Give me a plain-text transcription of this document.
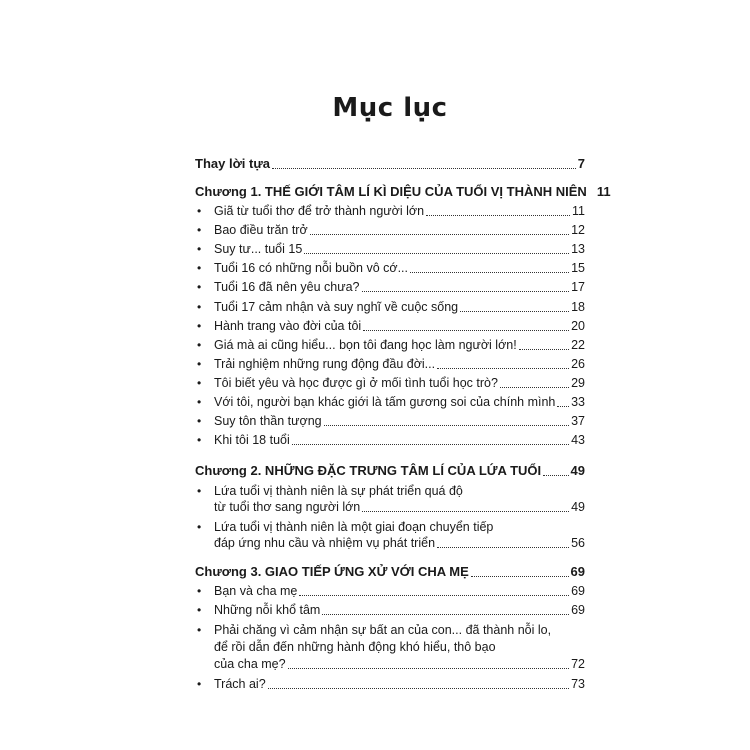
Mục lục
Thay lời tựa	7
Chương 1. THẾ GIỚI TÂM LÍ KÌ DIỆU CỦA TUỔI VỊ THÀNH NIÊN 11
• Giã từ tuổi thơ để trở thành người lớn	11
• Bao điều trăn trở	12
• Suy tư... tuổi 15	13
• Tuổi 16 có những nỗi buồn vô cớ...	15
• Tuổi 16 đã nên yêu chưa?	17
• Tuổi 17 cảm nhận và suy nghĩ về cuộc sống	18
• Hành trang vào đời của tôi	20
• Giá mà ai cũng hiểu... bọn tôi đang học làm người lớn!	22
• Trải nghiệm những rung động đầu đời...	26
• Tôi biết yêu và học được gì ở mối tình tuổi học trò?	29
• Với tôi, người bạn khác giới là tấm gương soi của chính mình 33
• Suy tôn thần tượng	37
• Khi tôi 18 tuổi	43
Chương 2. NHỮNG ĐẶC TRƯNG TÂM LÍ CỦA LỨA TUỔI 49
• Lứa tuổi vị thành niên là sự phát triển quá độ
từ tuổi thơ sang người lớn	49
• Lứa tuổi vị thành niên là một giai đoạn chuyển tiếp
đáp ứng nhu cầu và nhiệm vụ phát triển	56
Chương 3. GIAO TIẾP ỨNG XỬ VỚI CHA MẸ	69
• Bạn và cha mẹ	69
• Những nỗi khổ tâm	69
• Phải chăng vì cảm nhận sự bất an của con... đã thành nỗi lo,
để rồi dẫn đến những hành động khó hiểu, thô bạo
của cha mẹ?	72
• Trách ai?	73
